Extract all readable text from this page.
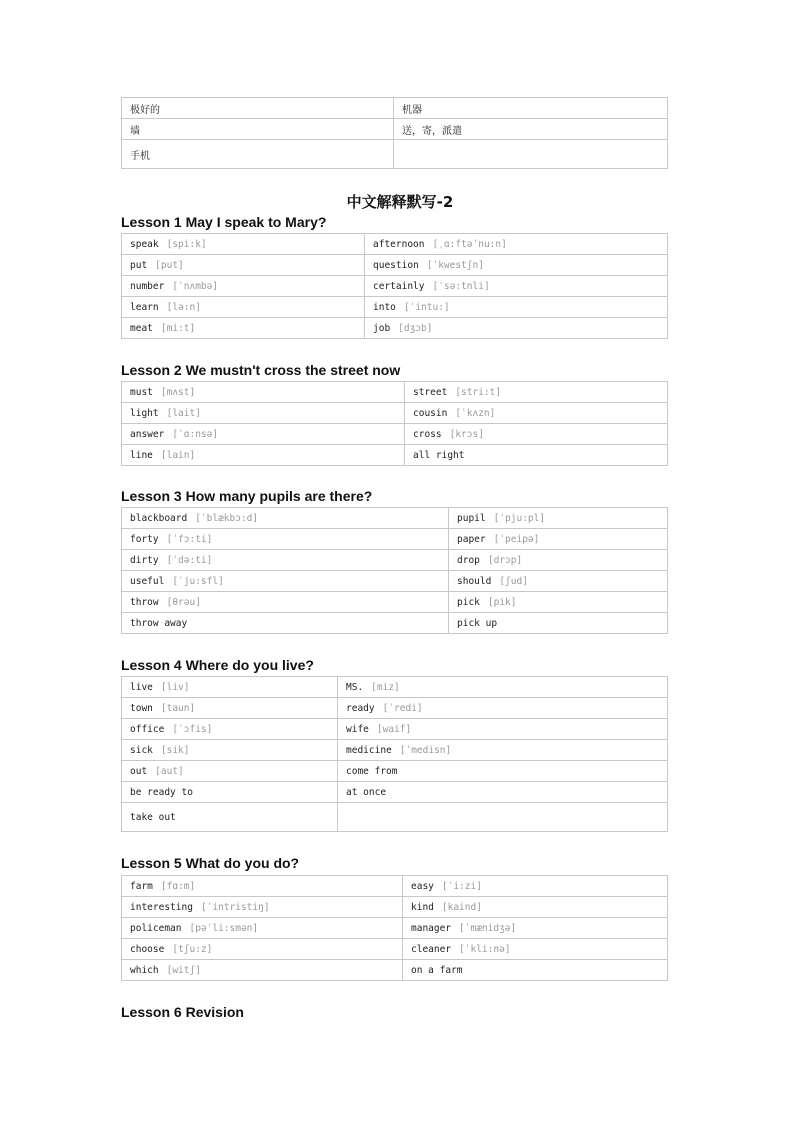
极好的	机器
墙	送，寄，派遣
手机	
中文解释默写-2
Lesson 1 May I speak to Mary?
speak [spi:k]	afternoon [ˌɑ:ftəˈnu:n]
put [put]	question [ˈkwestʃn]
number [ˈnʌmbə]	certainly [ˈsə:tnli]
learn [lə:n]	into [ˈintu:]
meat [mi:t]	job [dʒɔb]
Lesson 2 We mustn't cross the street now
must [mʌst]	street [stri:t]
light [lait]	cousin [ˈkʌzn]
answer [ˈɑ:nsə]	cross [krɔs]
line [lain]	all right
Lesson 3 How many pupils are there?
blackboard [ˈblækbɔ:d]	pupil [ˈpju:pl]
forty [ˈfɔ:ti]	paper [ˈpeipə]
dirty [ˈdə:ti]	drop [drɔp]
useful [ˈju:sfl]	should [ʃud]
throw [θrəu]	pick [pik]
throw away	pick up
Lesson 4 Where do you live?
live [liv]	MS. [miz]
town [taun]	ready [ˈredi]
office [ˈɔfis]	wife [waif]
sick [sik]	medicine [ˈmedisn]
out [aut]	come from
be ready to	at once
take out	
Lesson 5 What do you do?
farm [fɑ:m]	easy [ˈi:zi]
interesting [ˈintristiŋ]	kind [kaind]
policeman [pəˈli:smən]	manager [ˈmænidʒə]
choose [tʃu:z]	cleaner [ˈkli:nə]
which [witʃ]	on a farm
Lesson 6 Revision
